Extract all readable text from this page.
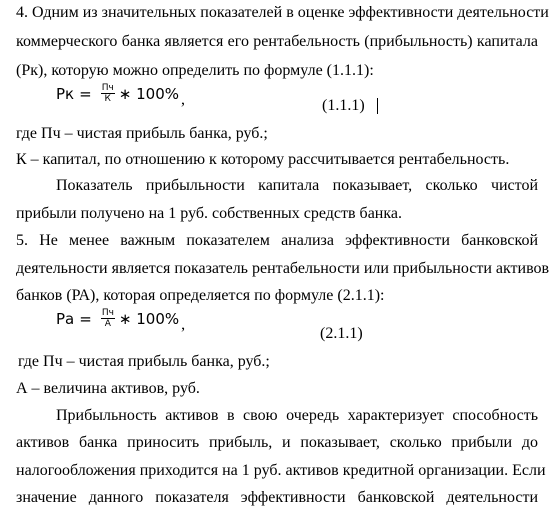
4. Одним из значительных показателей в оценке эффективности деятельности
коммерческого банка является его рентабельность (прибыльность) капитала
(Рк), которую можно определить по формуле (1.1.1):
Рк = $\frac{Пч}{К}$ ∗ 100% ,	(1.1.1)
где Пч – чистая прибыль банка, руб.;
К – капитал, по отношению к которому рассчитывается рентабельность.
Показатель прибыльности капитала показывает, сколько чистой
прибыли получено на 1 руб. собственных средств банка.
5. Не менее важным показателем анализа эффективности банковской
деятельности является показатель рентабельности или прибыльности активов
банков (РА), которая определяется по формуле (2.1.1):
Ра = $\frac{Пч}{А}$ ∗ 100% ,
(2.1.1)
где Пч – чистая прибыль банка, руб.;
А – величина активов, руб.
Прибыльность активов в свою очередь характеризует способность
активов банка приносить прибыль, и показывает, сколько прибыли до
налогообложения приходится на 1 руб. активов кредитной организации. Если
значение данного показателя эффективности банковской деятельности
